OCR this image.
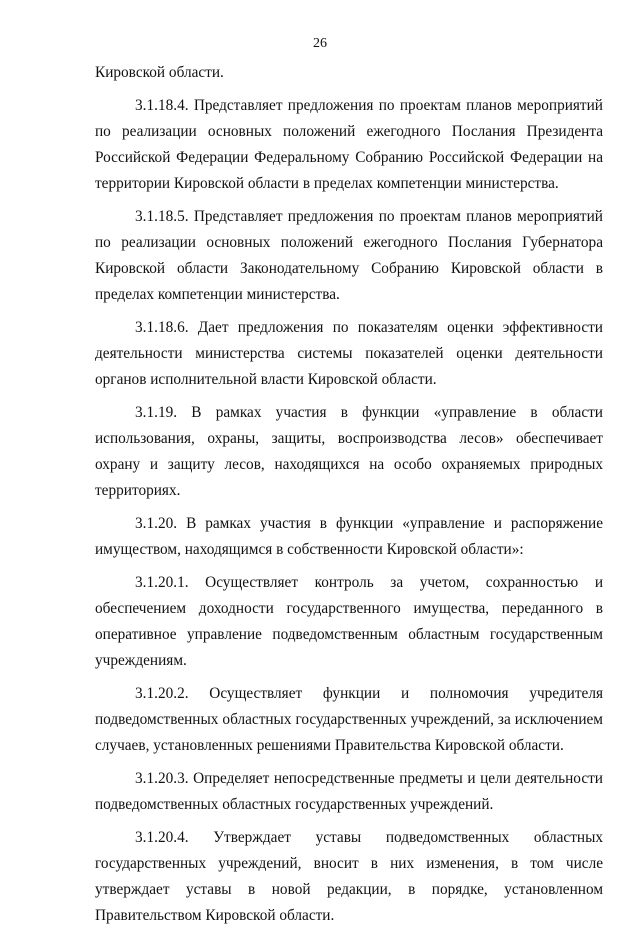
26

Кировской области.

3.1.18.4. Представляет предложения по проектам планов мероприятий по реализации основных положений ежегодного Послания Президента Российской Федерации Федеральному Собранию Российской Федерации на территории Кировской области в пределах компетенции министерства.

3.1.18.5. Представляет предложения по проектам планов мероприятий по реализации основных положений ежегодного Послания Губернатора Кировской области Законодательному Собранию Кировской области в пределах компетенции министерства.

3.1.18.6. Дает предложения по показателям оценки эффективности деятельности министерства системы показателей оценки деятельности органов исполнительной власти Кировской области.

3.1.19. В рамках участия в функции «управление в области использования, охраны, защиты, воспроизводства лесов» обеспечивает охрану и защиту лесов, находящихся на особо охраняемых природных территориях.

3.1.20. В рамках участия в функции «управление и распоряжение имуществом, находящимся в собственности Кировской области»:

3.1.20.1. Осуществляет контроль за учетом, сохранностью и обеспечением доходности государственного имущества, переданного в оперативное управление подведомственным областным государственным учреждениям.

3.1.20.2. Осуществляет функции и полномочия учредителя подведомственных областных государственных учреждений, за исключением случаев, установленных решениями Правительства Кировской области.

3.1.20.3. Определяет непосредственные предметы и цели деятельности подведомственных областных государственных учреждений.

3.1.20.4. Утверждает уставы подведомственных областных государственных учреждений, вносит в них изменения, в том числе утверждает уставы в новой редакции, в порядке, установленном Правительством Кировской области.
